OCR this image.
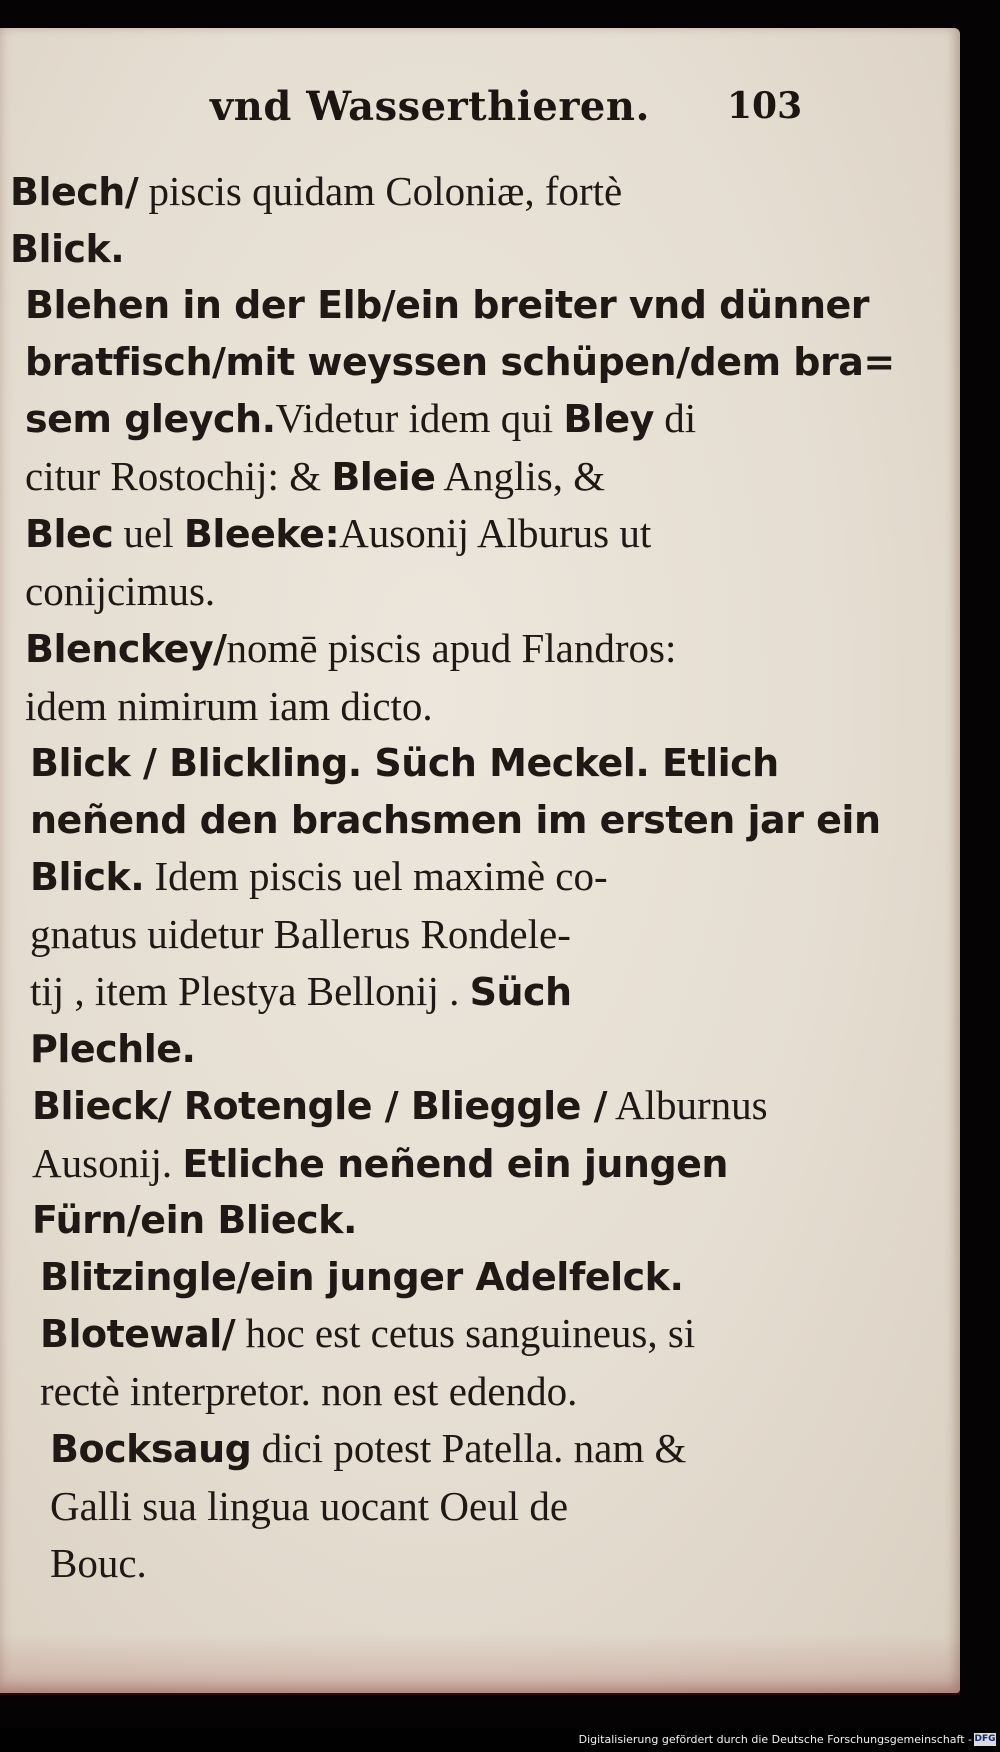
vnd Wasserthieren. 103
Blech/ piscis quidam Coloniæ, fortè
Blick.
Blehen in der Elb/ein breiter vnd dünner
bratfisch/mit weyssen schüpen/dem bra=
sem gleych.Videtur idem qui Bley di
citur Rostochij: & Bleie Anglis, &
Blec uel Bleeke:Ausonij Alburus ut
conijcimus.
Blenckey/nomē piscis apud Flandros:
idem nimirum iam dicto.
Blick / Blickling. Süch Meckel. Etlich
neñend den brachsmen im ersten jar ein
Blick. Idem piscis uel maximè co-
gnatus uidetur Ballerus Rondele-
tij , item Plestya Bellonij . Süch
Plechle.
Blieck/ Rotengle / Blieggle / Alburnus
Ausonij. Etliche neñend ein jungen
Fürn/ein Blieck.
Blitzingle/ein junger Adelfelck.
Blotewal/ hoc est cetus sanguineus, si
rectè interpretor. non est edendo.
Bocksaug dici potest Patella. nam &
Galli sua lingua uocant Oeul de
Bouc.
Digitalisierung gefördert durch die Deutsche Forschungsgemeinschaft - DFG
